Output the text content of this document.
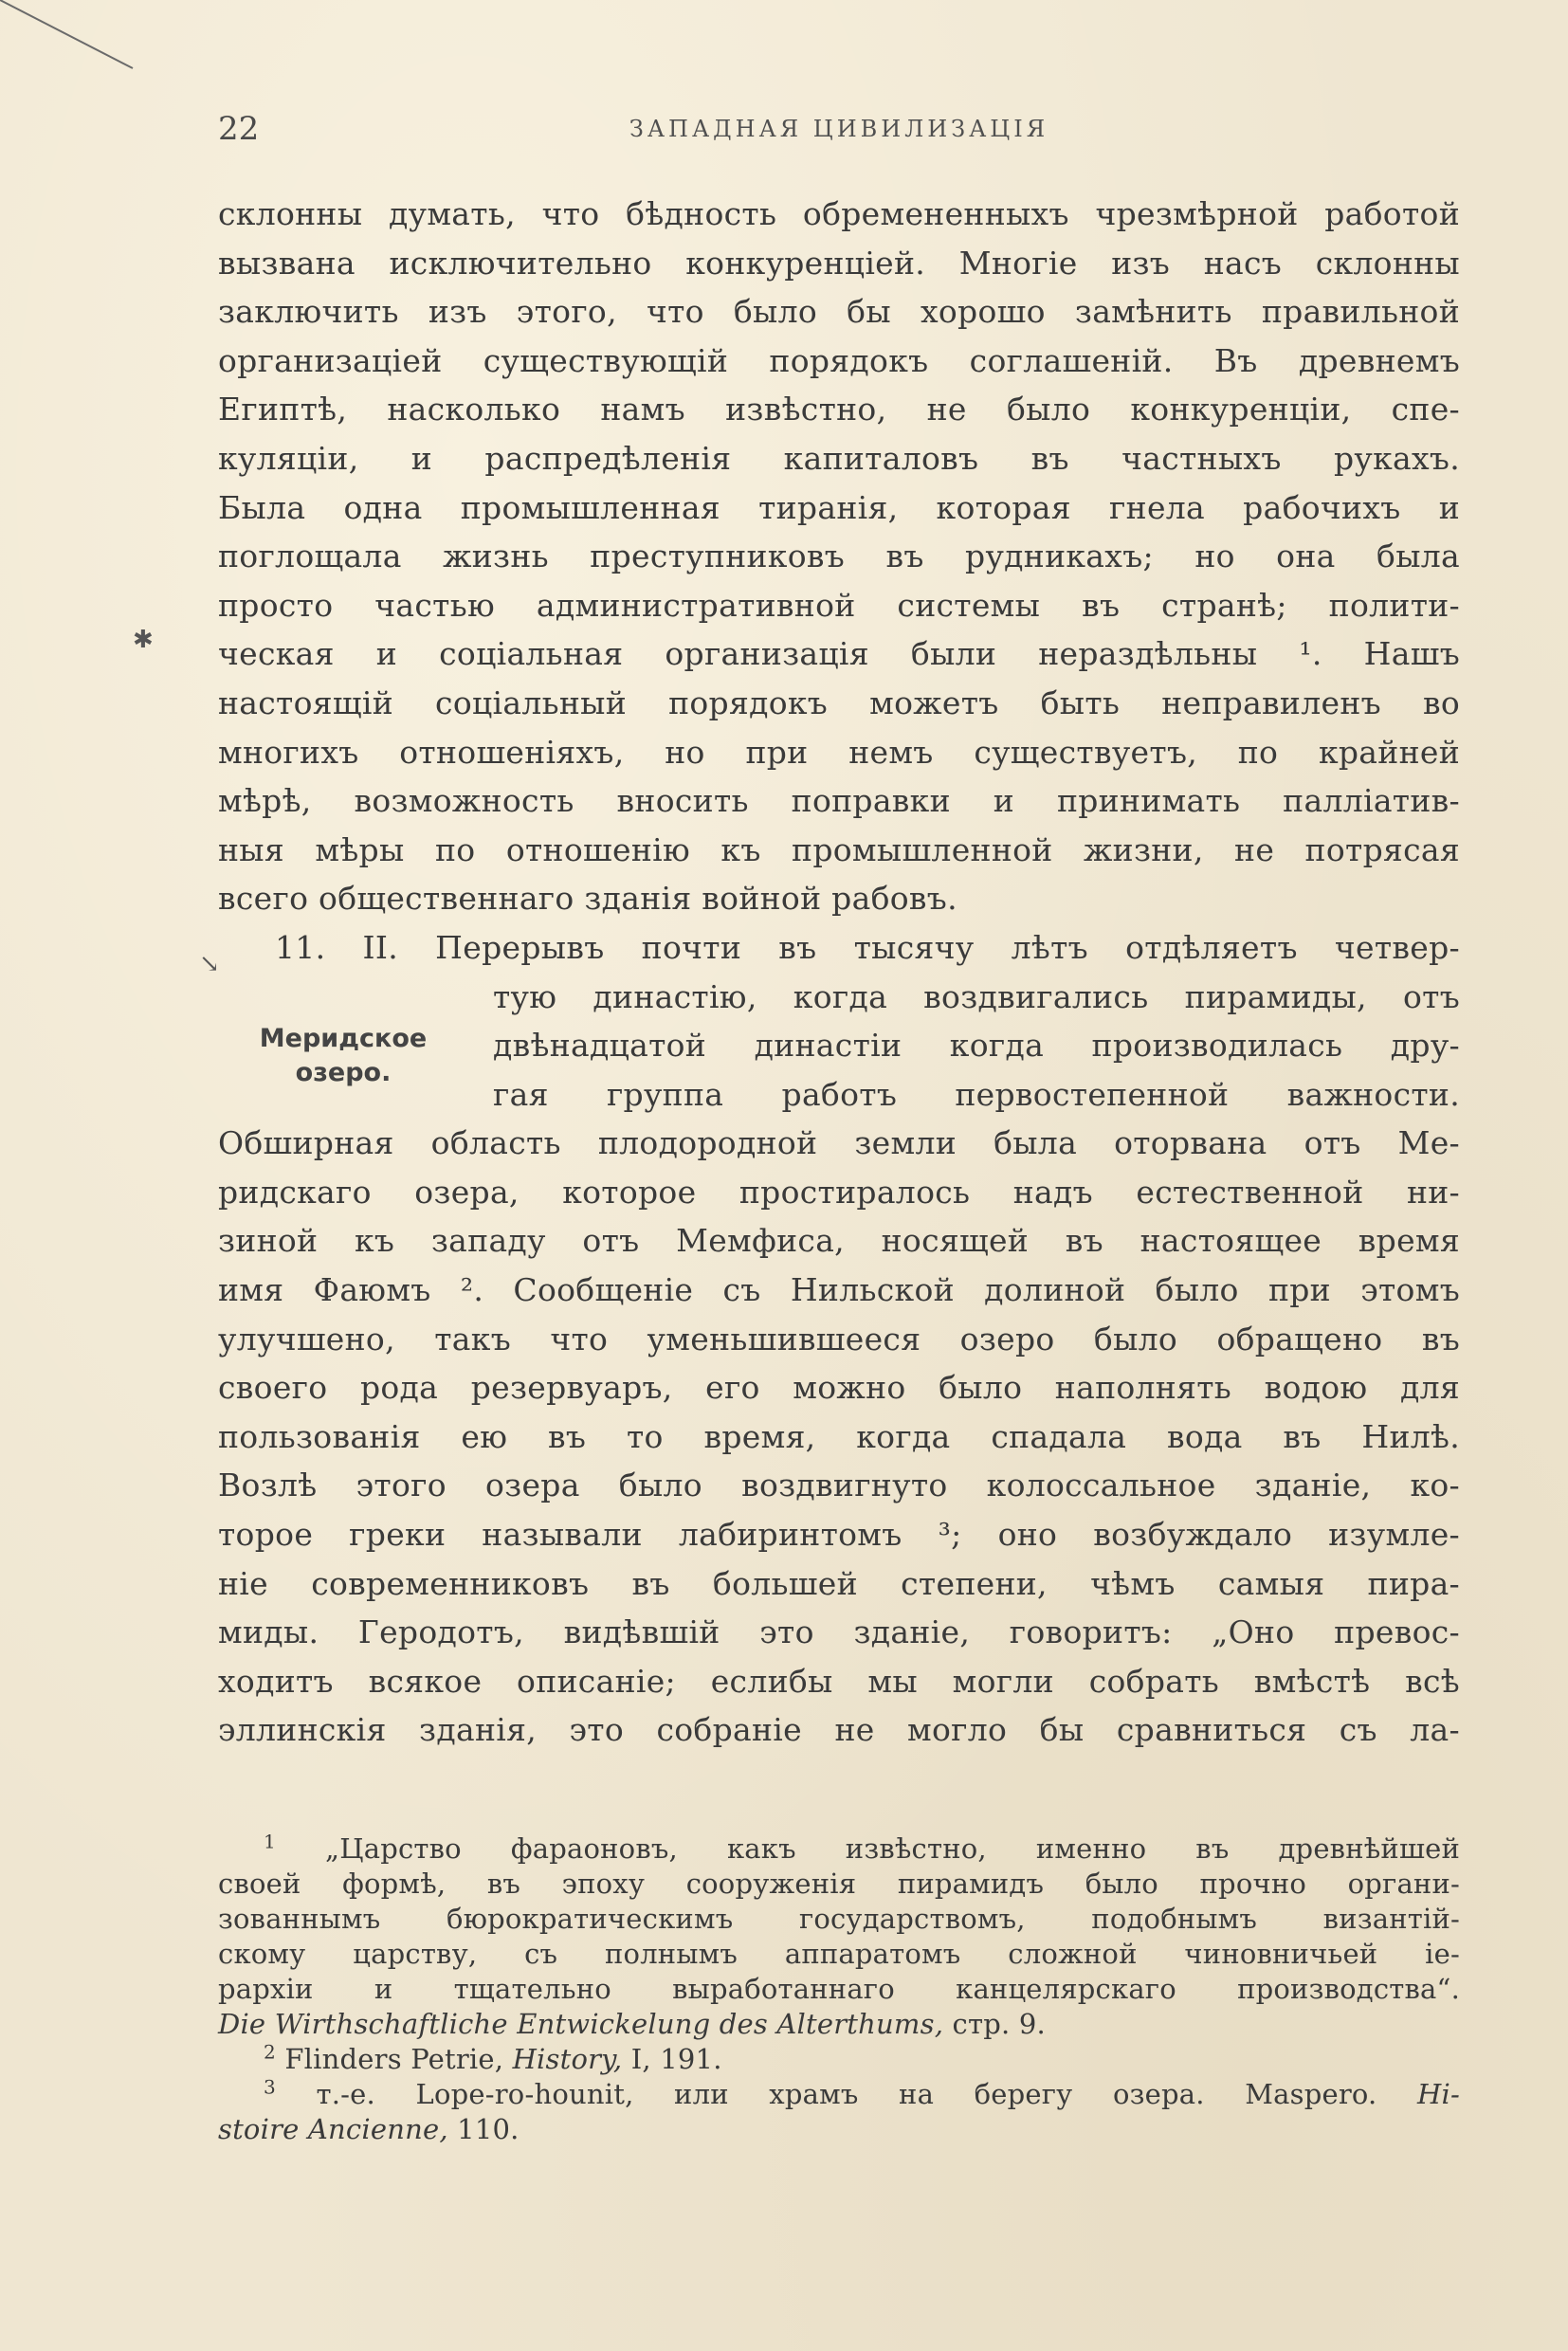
22	ЗАПАДНАЯ ЦИВИЛИЗАЦІЯ
✱
↘
склонны думать, что бѣдность обремененныхъ чрезмѣрной работой
вызвана исключительно конкуренціей. Многіе изъ насъ склонны
заключить изъ этого, что было бы хорошо замѣнить правильной
организаціей существующій порядокъ соглашеній. Въ древнемъ
Египтѣ, насколько намъ извѣстно, не было конкуренціи, спе-
куляціи, и распредѣленія капиталовъ въ частныхъ рукахъ.
Была одна промышленная тиранія, которая гнела рабочихъ и
поглощала жизнь преступниковъ въ рудникахъ; но она была
просто частью административной системы въ странѣ; полити-
ческая и соціальная организація были нераздѣльны ¹. Нашъ
настоящій соціальный порядокъ можетъ быть неправиленъ во
многихъ отношеніяхъ, но при немъ существуетъ, по крайней
мѣрѣ, возможность вносить поправки и принимать палліатив-
ныя мѣры по отношенію къ промышленной жизни, не потрясая
всего общественнаго зданія войной рабовъ.
11. II. Перерывъ почти въ тысячу лѣтъ отдѣляетъ четвер-
тую династію, когда воздвигались пирамиды, отъ
двѣнадцатой династіи когда производилась дру-
гая группа работъ первостепенной важности.
Обширная область плодородной земли была оторвана отъ Ме-
ридскаго озера, которое простиралось надъ естественной ни-
зиной къ западу отъ Мемфиса, носящей въ настоящее время
имя Фаюмъ ². Сообщеніе съ Нильской долиной было при этомъ
улучшено, такъ что уменьшившееся озеро было обращено въ
своего рода резервуаръ, его можно было наполнять водою для
пользованія ею въ то время, когда спадала вода въ Нилѣ.
Возлѣ этого озера было воздвигнуто колоссальное зданіе, ко-
торое греки называли лабиринтомъ ³; оно возбуждало изумле-
ніе современниковъ въ большей степени, чѣмъ самыя пира-
миды. Геродотъ, видѣвшій это зданіе, говоритъ: „Оно превос-
ходитъ всякое описаніе; еслибы мы могли собрать вмѣстѣ всѣ
эллинскія зданія, это собраніе не могло бы сравниться съ ла-
Меридское озеро.
$^1$ „Царство фараоновъ, какъ извѣстно, именно въ древнѣйшей
своей формѣ, въ эпоху сооруженія пирамидъ было прочно органи-
зованнымъ бюрократическимъ государствомъ, подобнымъ византій-
скому царству, съ полнымъ аппаратомъ сложной чиновничьей іе-
рархіи и тщательно выработаннаго канцелярскаго производства“.
Die Wirthschaftliche Entwickelung des Alterthums, стр. 9.
$^2$ Flinders Petrie, History, I, 191.
$^3$ т.-е. Lope-ro-hounit, или храмъ на берегу озера. Maspero. Hi-
stoire Ancienne, 110.
